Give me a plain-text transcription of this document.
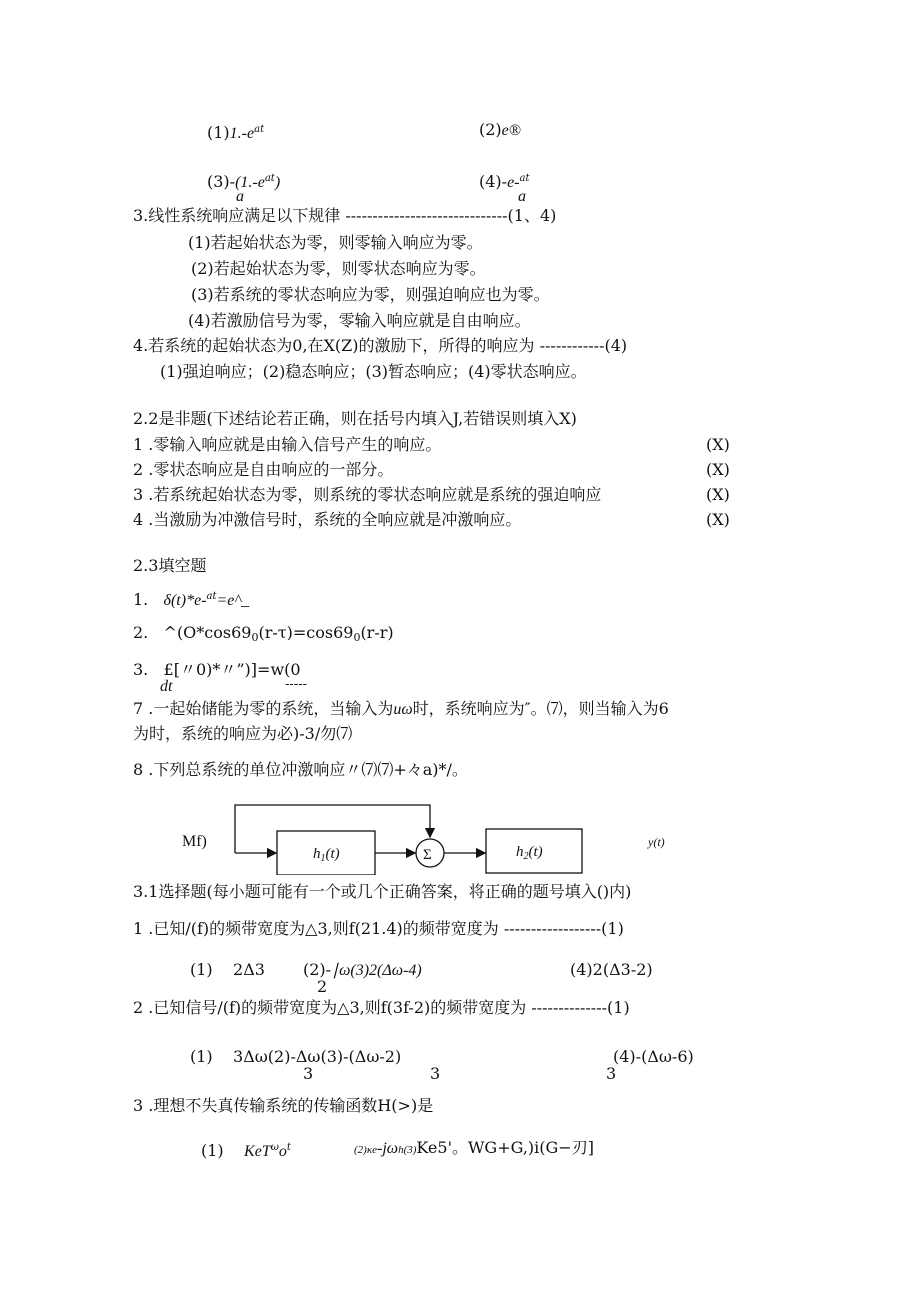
$(1)1.-e^{at}$	(2)e®
$(3)-(1.-e^{at})$
a
(4)-e-$^{at}$
a
3.线性系统响应满足以下规律 ------------------------------(1、4)
(1)若起始状态为零，则零输入响应为零。
(2)若起始状态为零，则零状态响应为零。
(3)若系统的零状态响应为零，则强迫响应也为零。
(4)若激励信号为零，零输入响应就是自由响应。
4.若系统的起始状态为0,在X(Z)的激励下，所得的响应为 ------------(4)
(1)强迫响应；(2)稳态响应；(3)暂态响应；(4)零状态响应。
2.2是非题(下述结论若正确，则在括号内填入J,若错误则填入X)
1 .零输入响应就是由输入信号产生的响应。	(X)
2 .零状态响应是自由响应的一部分。	(X)
3 .若系统起始状态为零，则系统的零状态响应就是系统的强迫响应	(X)
4 .当激励为冲激信号时，系统的全响应就是冲激响应。	(X)
2.3填空题
1. δ(t)*e-$^{at}$=e^_
2. $\^{}(O*\cos 69_0(r-\tau)=\cos 69_0(r-r)$
3. £[〃0)*〃”)]=w(0
dt	-----
7 .一起始储能为零的系统，当输入为uω时，系统响应为″。⑺，则当输入为6
为时，系统的响应为必)-3/勿⑺
8 .下列总系统的单位冲激响应〃⑺⑺+々a)*/。
Mf)
$h_1(t)$	Σ	$h_2(t)$
y(t)
3.1选择题(每小题可能有一个或几个正确答案，将正确的题号填入()内)
1 .已知/(f)的频带宽度为△3,则f(21.4)的频带宽度为 ------------------(1)
(1) 2Δ3 (2)-∣ω(3)2(Δω-4)
2
(4)2(Δ3-2)
2 .已知信号/(f)的频带宽度为△3,则f(3f-2)的频带宽度为 --------------(1)
(1) 3Δω(2)-Δω(3)-(Δω-2)
3	3
(4)-(Δω-6)
3
3 .理想不失真传输系统的传输函数H(>)是
(1) $KeT^\omega o^t$	(2)κe-jωh(3)Ke5'。WG+G,)i(G−刃]
